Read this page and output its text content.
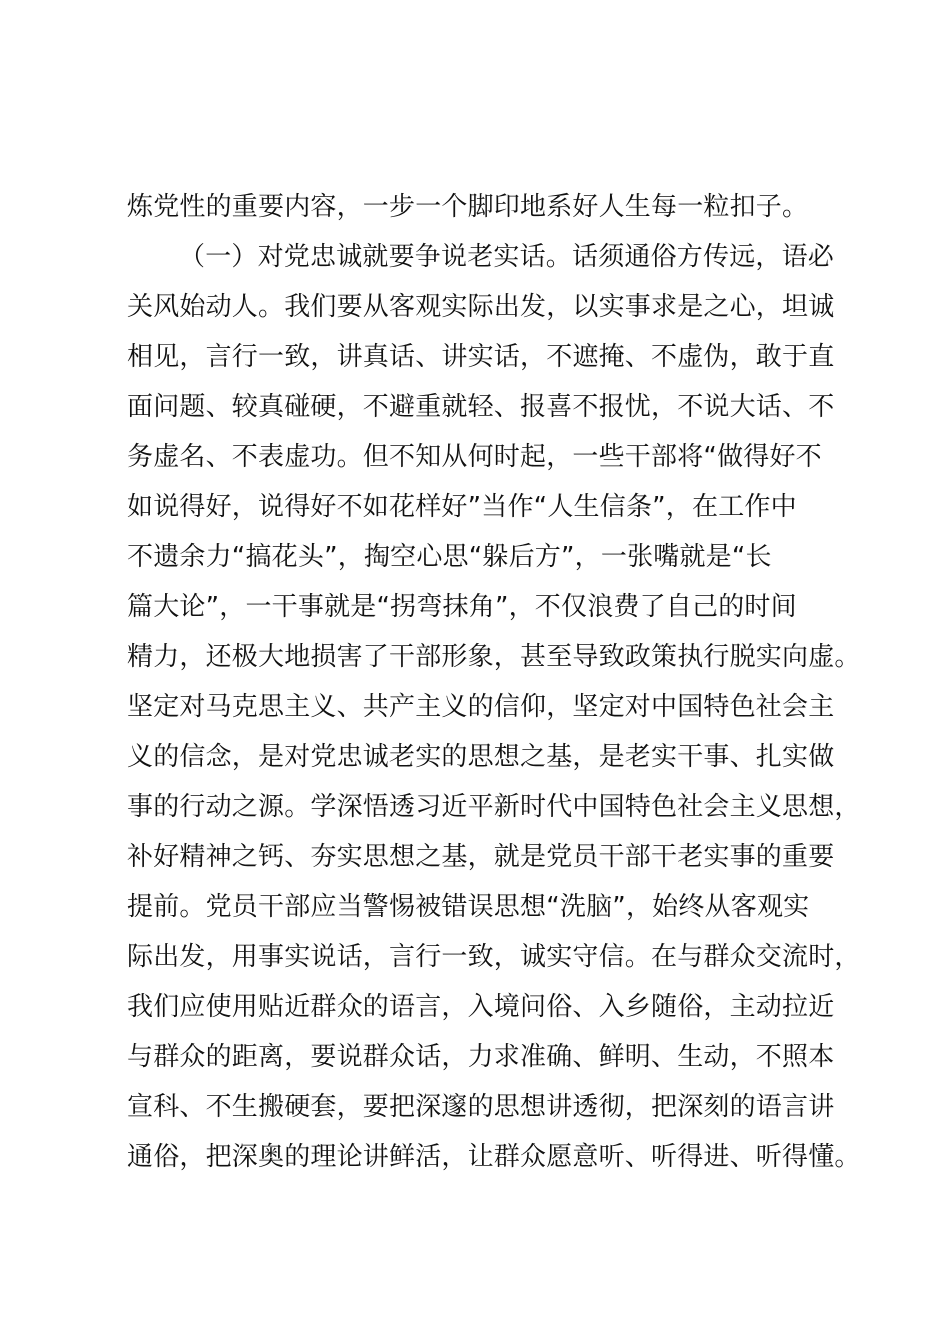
炼党性的重要内容，一步一个脚印地系好人生每一粒扣子。
（一）对党忠诚就要争说老实话。话须通俗方传远，语必
关风始动人。我们要从客观实际出发，以实事求是之心，坦诚
相见，言行一致，讲真话、讲实话，不遮掩、不虚伪，敢于直
面问题、较真碰硬，不避重就轻、报喜不报忧，不说大话、不
务虚名、不表虚功。但不知从何时起，一些干部将“做得好不
如说得好，说得好不如花样好”当作“人生信条”，在工作中
不遗余力“搞花头”，掏空心思“躲后方”，一张嘴就是“长
篇大论”，一干事就是“拐弯抹角”，不仅浪费了自己的时间
精力，还极大地损害了干部形象，甚至导致政策执行脱实向虚。
坚定对马克思主义、共产主义的信仰，坚定对中国特色社会主
义的信念，是对党忠诚老实的思想之基，是老实干事、扎实做
事的行动之源。学深悟透习近平新时代中国特色社会主义思想，
补好精神之钙、夯实思想之基，就是党员干部干老实事的重要
提前。党员干部应当警惕被错误思想“洗脑”，始终从客观实
际出发，用事实说话，言行一致，诚实守信。在与群众交流时，
我们应使用贴近群众的语言，入境问俗、入乡随俗，主动拉近
与群众的距离，要说群众话，力求准确、鲜明、生动，不照本
宣科、不生搬硬套，要把深邃的思想讲透彻，把深刻的语言讲
通俗，把深奥的理论讲鲜活，让群众愿意听、听得进、听得懂。
